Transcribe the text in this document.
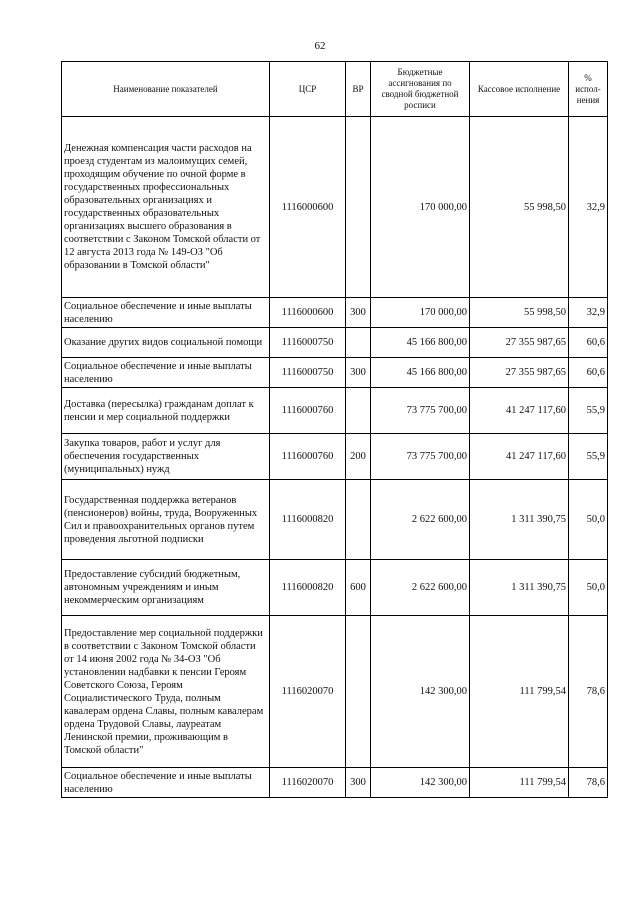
62
Наименование показателей	ЦСР	ВР	Бюджетные ассигнования по сводной бюджетной росписи	Кассовое исполнение	% испол-нения
Денежная компенсация части расходов на проезд студентам из малоимущих семей, проходящим обучение по очной форме в государственных профессиональных образовательных организациях и государственных образовательных организациях высшего образования в соответствии с Законом Томской области от 12 августа 2013 года № 149-ОЗ "Об образовании в Томской области"	1116000600		170 000,00	55 998,50	32,9
Социальное обеспечение и иные выплаты населению	1116000600	300	170 000,00	55 998,50	32,9
Оказание других видов социальной помощи	1116000750		45 166 800,00	27 355 987,65	60,6
Социальное обеспечение и иные выплаты населению	1116000750	300	45 166 800,00	27 355 987,65	60,6
Доставка (пересылка) гражданам доплат к пенсии и мер социальной поддержки	1116000760		73 775 700,00	41 247 117,60	55,9
Закупка товаров, работ и услуг для обеспечения государственных (муниципальных) нужд	1116000760	200	73 775 700,00	41 247 117,60	55,9
Государственная поддержка ветеранов (пенсионеров) войны, труда, Вооруженных Сил и правоохранительных органов путем проведения льготной подписки	1116000820		2 622 600,00	1 311 390,75	50,0
Предоставление субсидий бюджетным, автономным учреждениям и иным некоммерческим организациям	1116000820	600	2 622 600,00	1 311 390,75	50,0
Предоставление мер социальной поддержки в соответствии с Законом Томской области от 14 июня 2002 года № 34-ОЗ "Об установлении надбавки к пенсии Героям Советского Союза, Героям Социалистического Труда, полным кавалерам ордена Славы, полным кавалерам ордена Трудовой Славы, лауреатам Ленинской премии, проживающим в Томской области"	1116020070		142 300,00	111 799,54	78,6
Социальное обеспечение и иные выплаты населению	1116020070	300	142 300,00	111 799,54	78,6
